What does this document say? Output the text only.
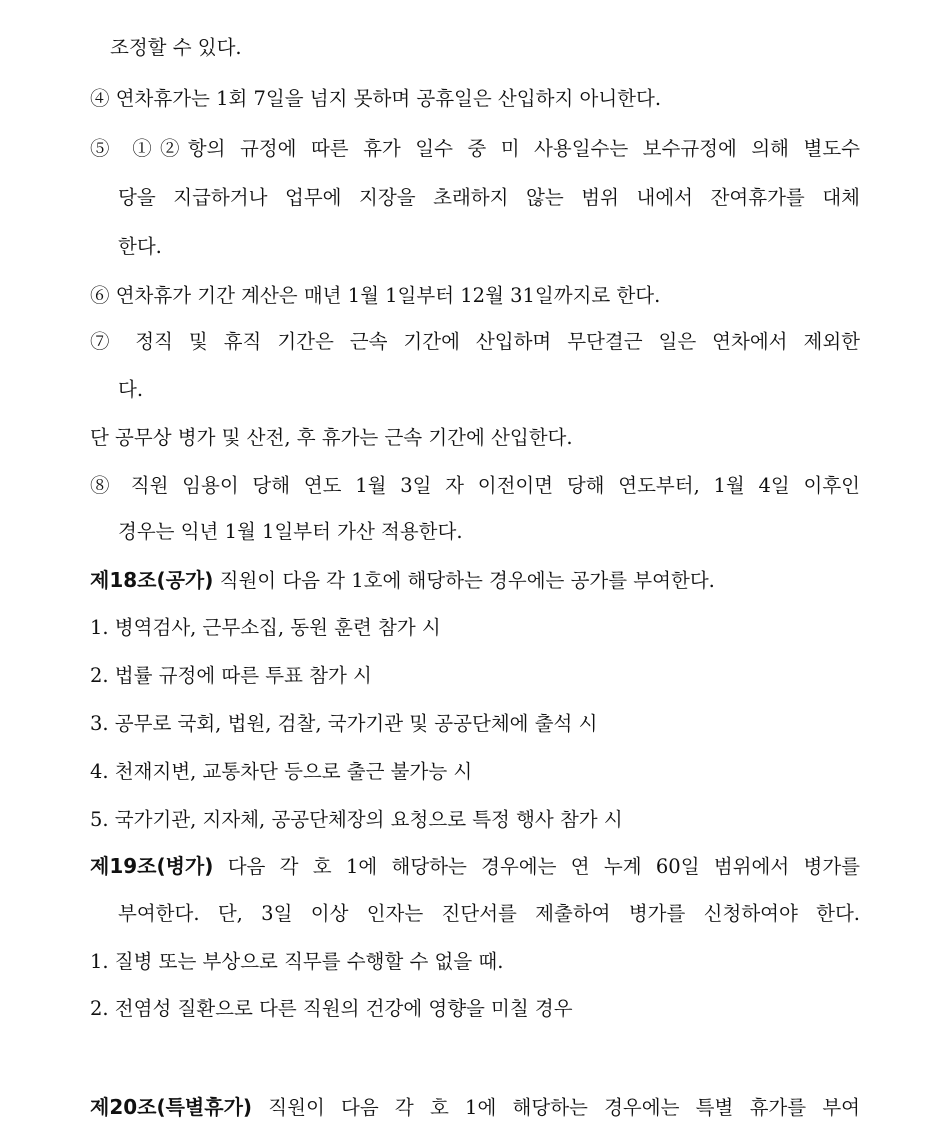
조정할 수 있다.

④ 연차휴가는 1회 7일을 넘지 못하며 공휴일은 산입하지 아니한다.

⑤ ①②항의 규정에 따른 휴가 일수 중 미 사용일수는 보수규정에 의해 별도수

당을 지급하거나 업무에 지장을 초래하지 않는 범위 내에서 잔여휴가를 대체

한다.

⑥ 연차휴가 기간 계산은 매년 1월 1일부터 12월 31일까지로 한다.

⑦ 정직 및 휴직 기간은 근속 기간에 산입하며 무단결근 일은 연차에서 제외한

다.

단 공무상 병가 및 산전, 후 휴가는 근속 기간에 산입한다.

⑧ 직원 임용이 당해 연도 1월 3일 자 이전이면 당해 연도부터, 1월 4일 이후인

경우는 익년 1월 1일부터 가산 적용한다.

제18조(공가) 직원이 다음 각 1호에 해당하는 경우에는 공가를 부여한다.

1. 병역검사, 근무소집, 동원 훈련 참가 시

2. 법률 규정에 따른 투표 참가 시

3. 공무로 국회, 법원, 검찰, 국가기관 및 공공단체에 출석 시

4. 천재지변, 교통차단 등으로 출근 불가능 시

5. 국가기관, 지자체, 공공단체장의 요청으로 특정 행사 참가 시

제19조(병가) 다음 각 호 1에 해당하는 경우에는 연 누계 60일 범위에서 병가를

부여한다. 단, 3일 이상 인자는 진단서를 제출하여 병가를 신청하여야 한다.

1. 질병 또는 부상으로 직무를 수행할 수 없을 때.

2. 전염성 질환으로 다른 직원의 건강에 영향을 미칠 경우

제20조(특별휴가) 직원이 다음 각 호 1에 해당하는 경우에는 특별 휴가를 부여
